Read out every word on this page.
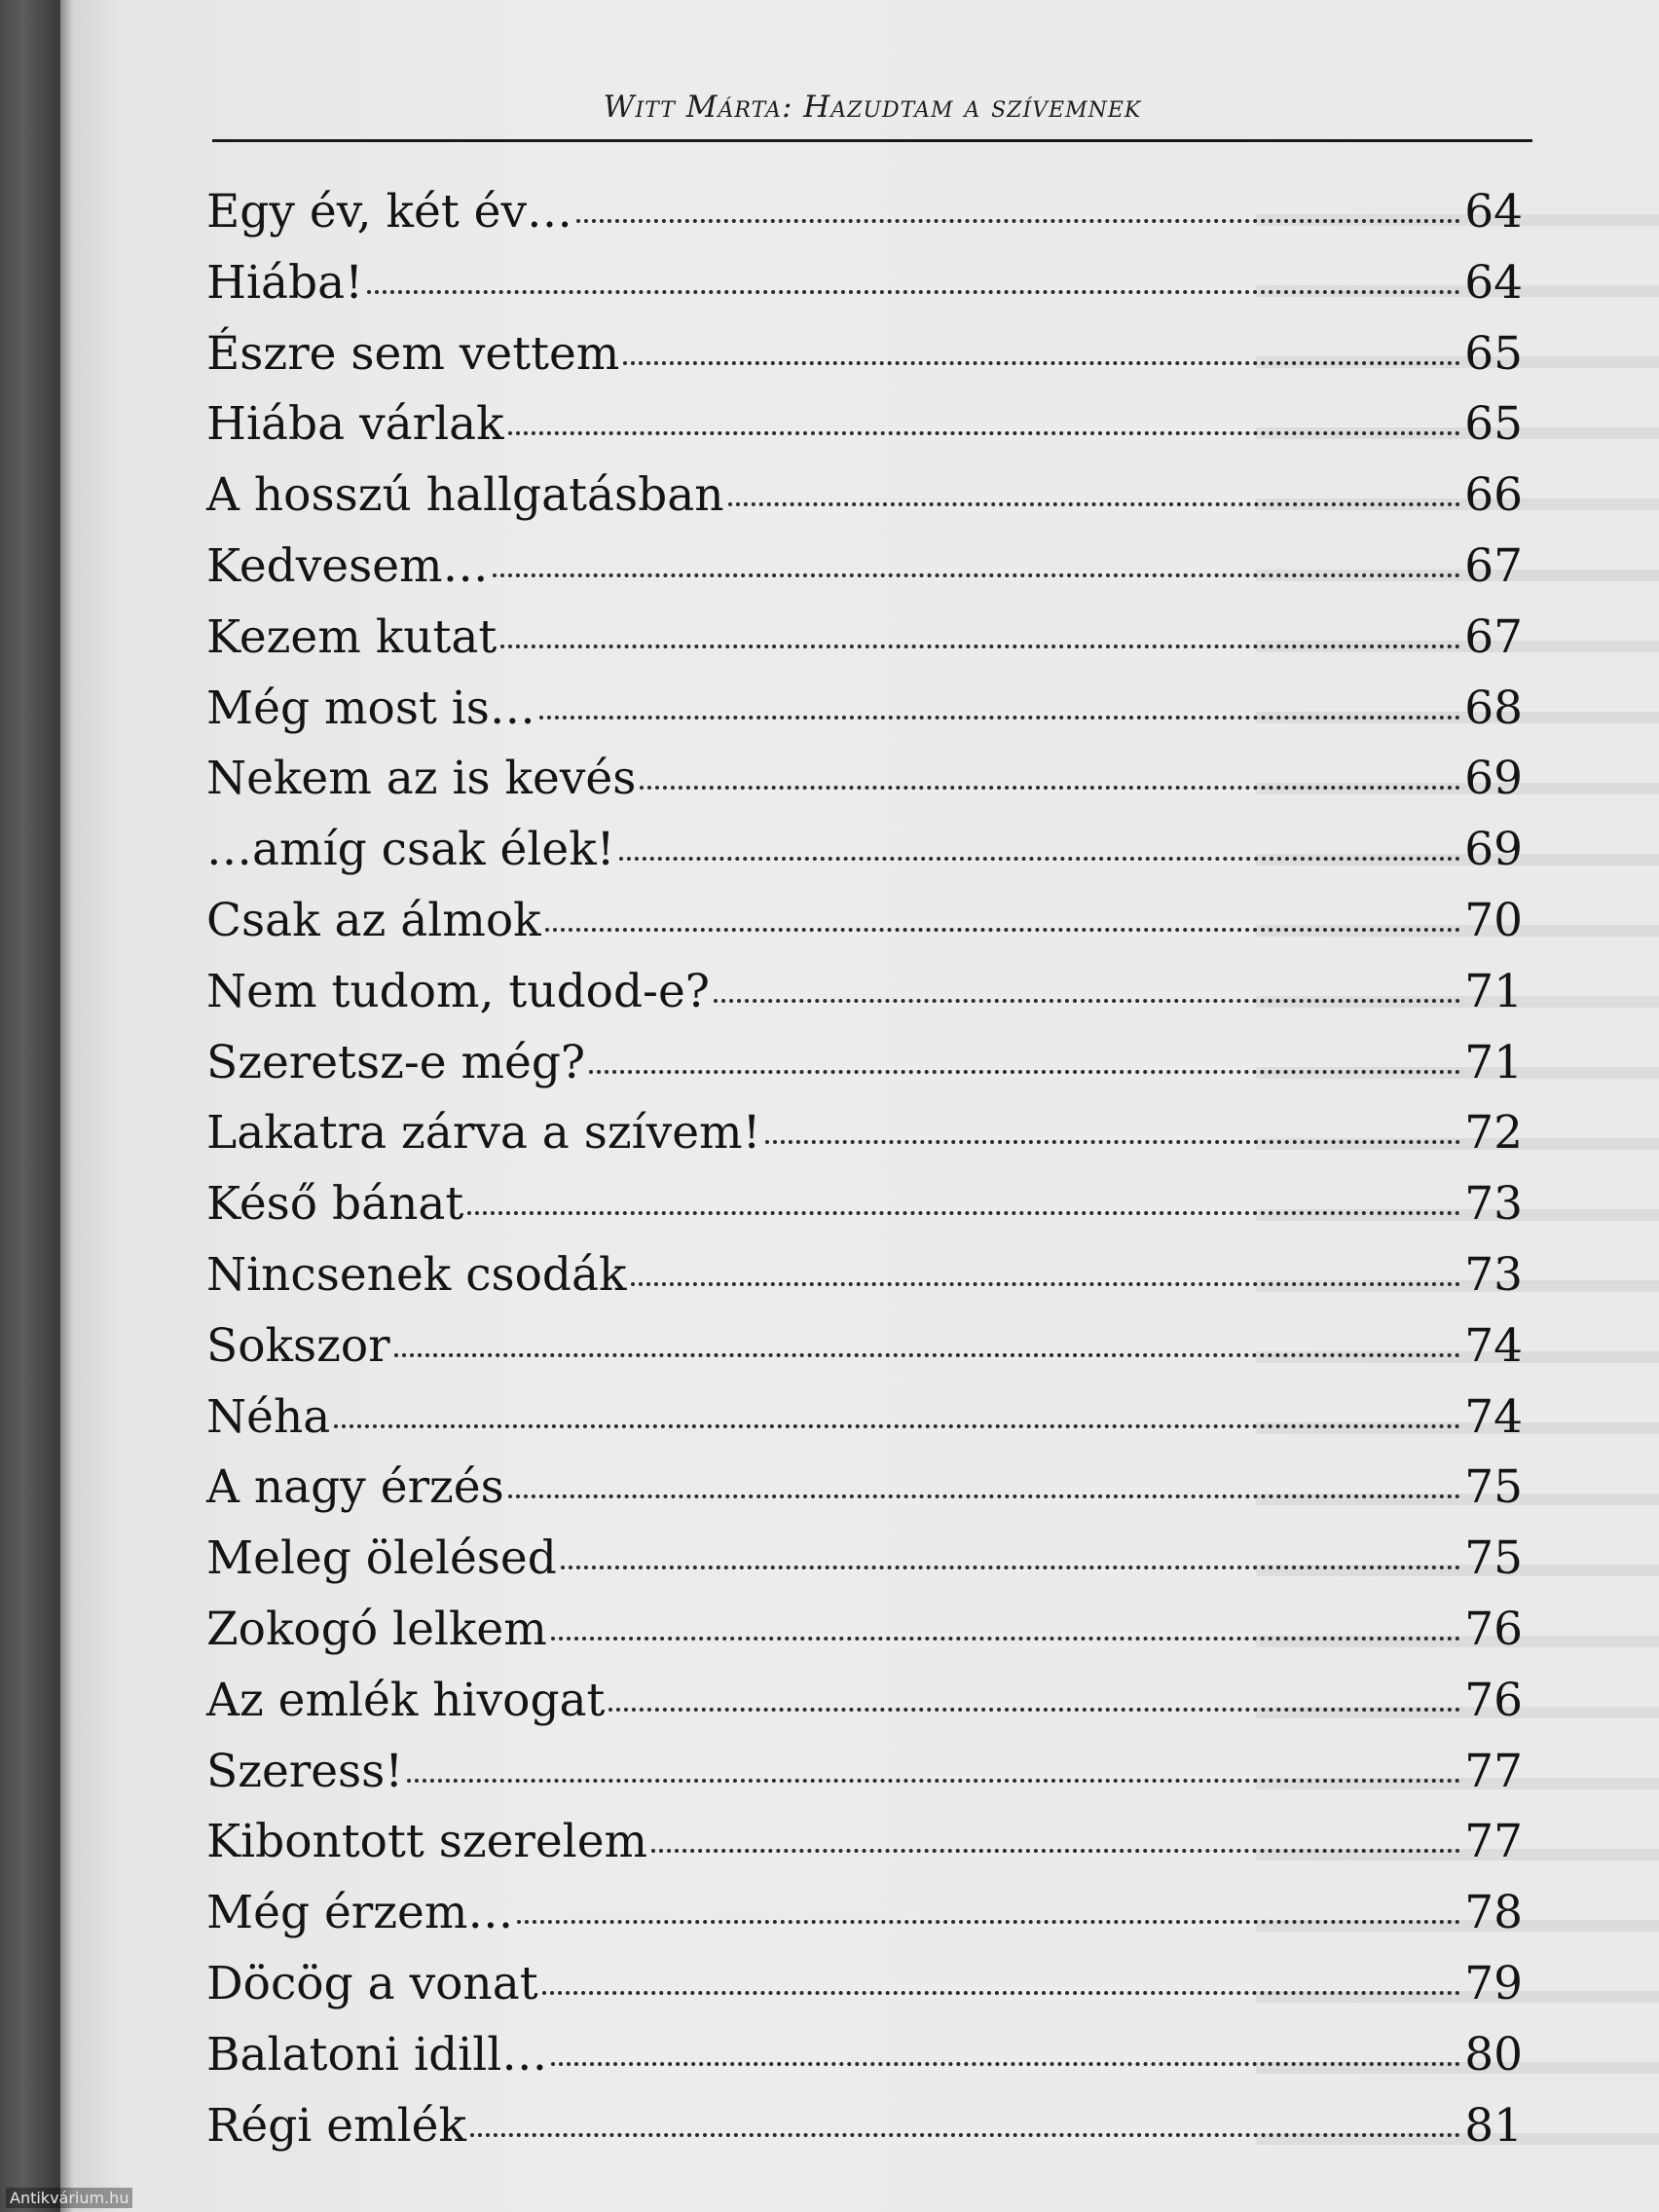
Witt Márta: Hazudtam a szívemnek
Egy év, két év…	64
Hiába!	64
Észre sem vettem	65
Hiába várlak	65
A hosszú hallgatásban	66
Kedvesem…	67
Kezem kutat	67
Még most is…	68
Nekem az is kevés	69
…amíg csak élek!	69
Csak az álmok	70
Nem tudom, tudod-e?	71
Szeretsz-e még?	71
Lakatra zárva a szívem!	72
Késő bánat	73
Nincsenek csodák	73
Sokszor	74
Néha	74
A nagy érzés	75
Meleg ölelésed	75
Zokogó lelkem	76
Az emlék hivogat	76
Szeress!	77
Kibontott szerelem	77
Még érzem…	78
Döcög a vonat	79
Balatoni idill…	80
Régi emlék	81
Antikvárium.hu
